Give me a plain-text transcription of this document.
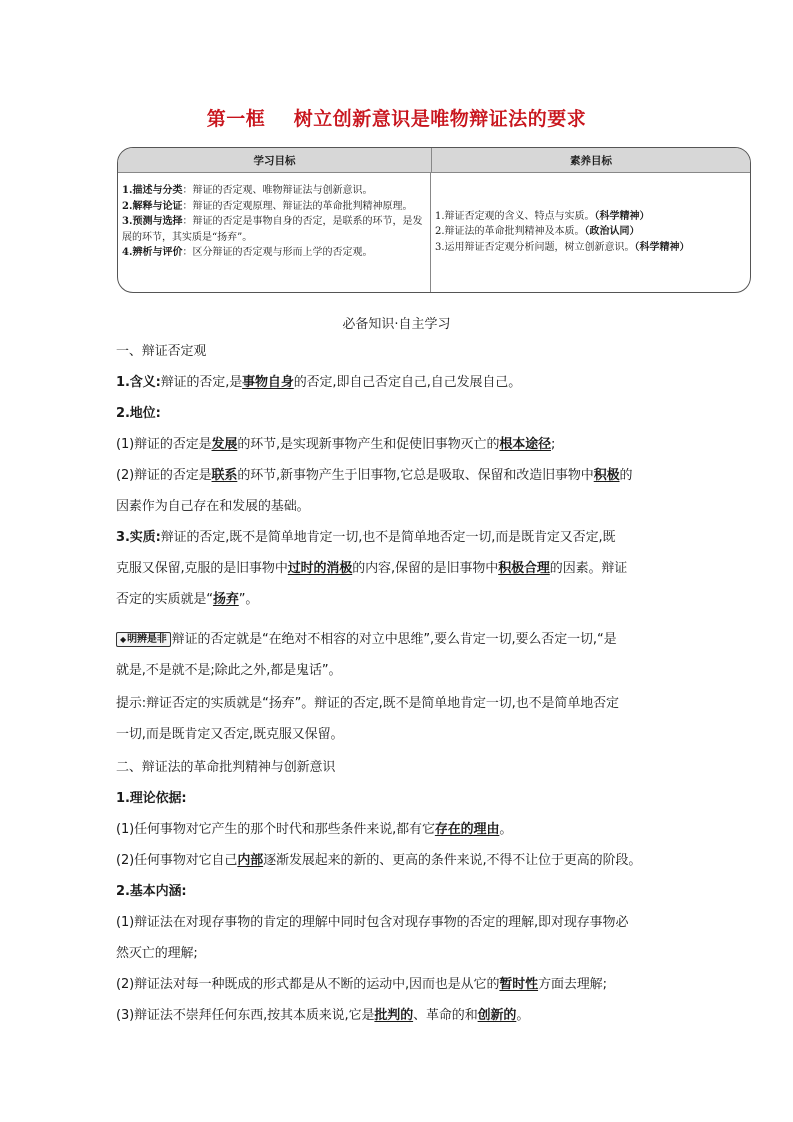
第一框    树立创新意识是唯物辩证法的要求
学习目标	素养目标
1.描述与分类：辩证的否定观、唯物辩证法与创新意识。
2.解释与论证：辩证的否定观原理、辩证法的革命批判精神原理。
3.预测与选择：辩证的否定是事物自身的否定，是联系的环节，是发展的环节，其实质是“扬弃”。
4.辨析与评价：区分辩证的否定观与形而上学的否定观。
1.辩证否定观的含义、特点与实质。（科学精神）
2.辩证法的革命批判精神及本质。（政治认同）
3.运用辩证否定观分析问题，树立创新意识。（科学精神）
必备知识·自主学习
一、辩证否定观
1.含义:辩证的否定,是事物自身的否定,即自己否定自己,自己发展自己。
2.地位:
(1)辩证的否定是发展的环节,是实现新事物产生和促使旧事物灭亡的根本途径;
(2)辩证的否定是联系的环节,新事物产生于旧事物,它总是吸取、保留和改造旧事物中积极的
因素作为自己存在和发展的基础。
3.实质:辩证的否定,既不是简单地肯定一切,也不是简单地否定一切,而是既肯定又否定,既
克服又保留,克服的是旧事物中过时的消极的内容,保留的是旧事物中积极合理的因素。辩证
否定的实质就是“扬弃”。
◆明辨是非 辩证的否定就是“在绝对不相容的对立中思维”,要么肯定一切,要么否定一切,“是
就是,不是就不是;除此之外,都是鬼话”。
提示:辩证否定的实质就是“扬弃”。辩证的否定,既不是简单地肯定一切,也不是简单地否定
一切,而是既肯定又否定,既克服又保留。
二、辩证法的革命批判精神与创新意识
1.理论依据:
(1)任何事物对它产生的那个时代和那些条件来说,都有它存在的理由。
(2)任何事物对它自己内部逐渐发展起来的新的、更高的条件来说,不得不让位于更高的阶段。
2.基本内涵:
(1)辩证法在对现存事物的肯定的理解中同时包含对现存事物的否定的理解,即对现存事物必
然灭亡的理解;
(2)辩证法对每一种既成的形式都是从不断的运动中,因而也是从它的暂时性方面去理解;
(3)辩证法不崇拜任何东西,按其本质来说,它是批判的、革命的和创新的。
